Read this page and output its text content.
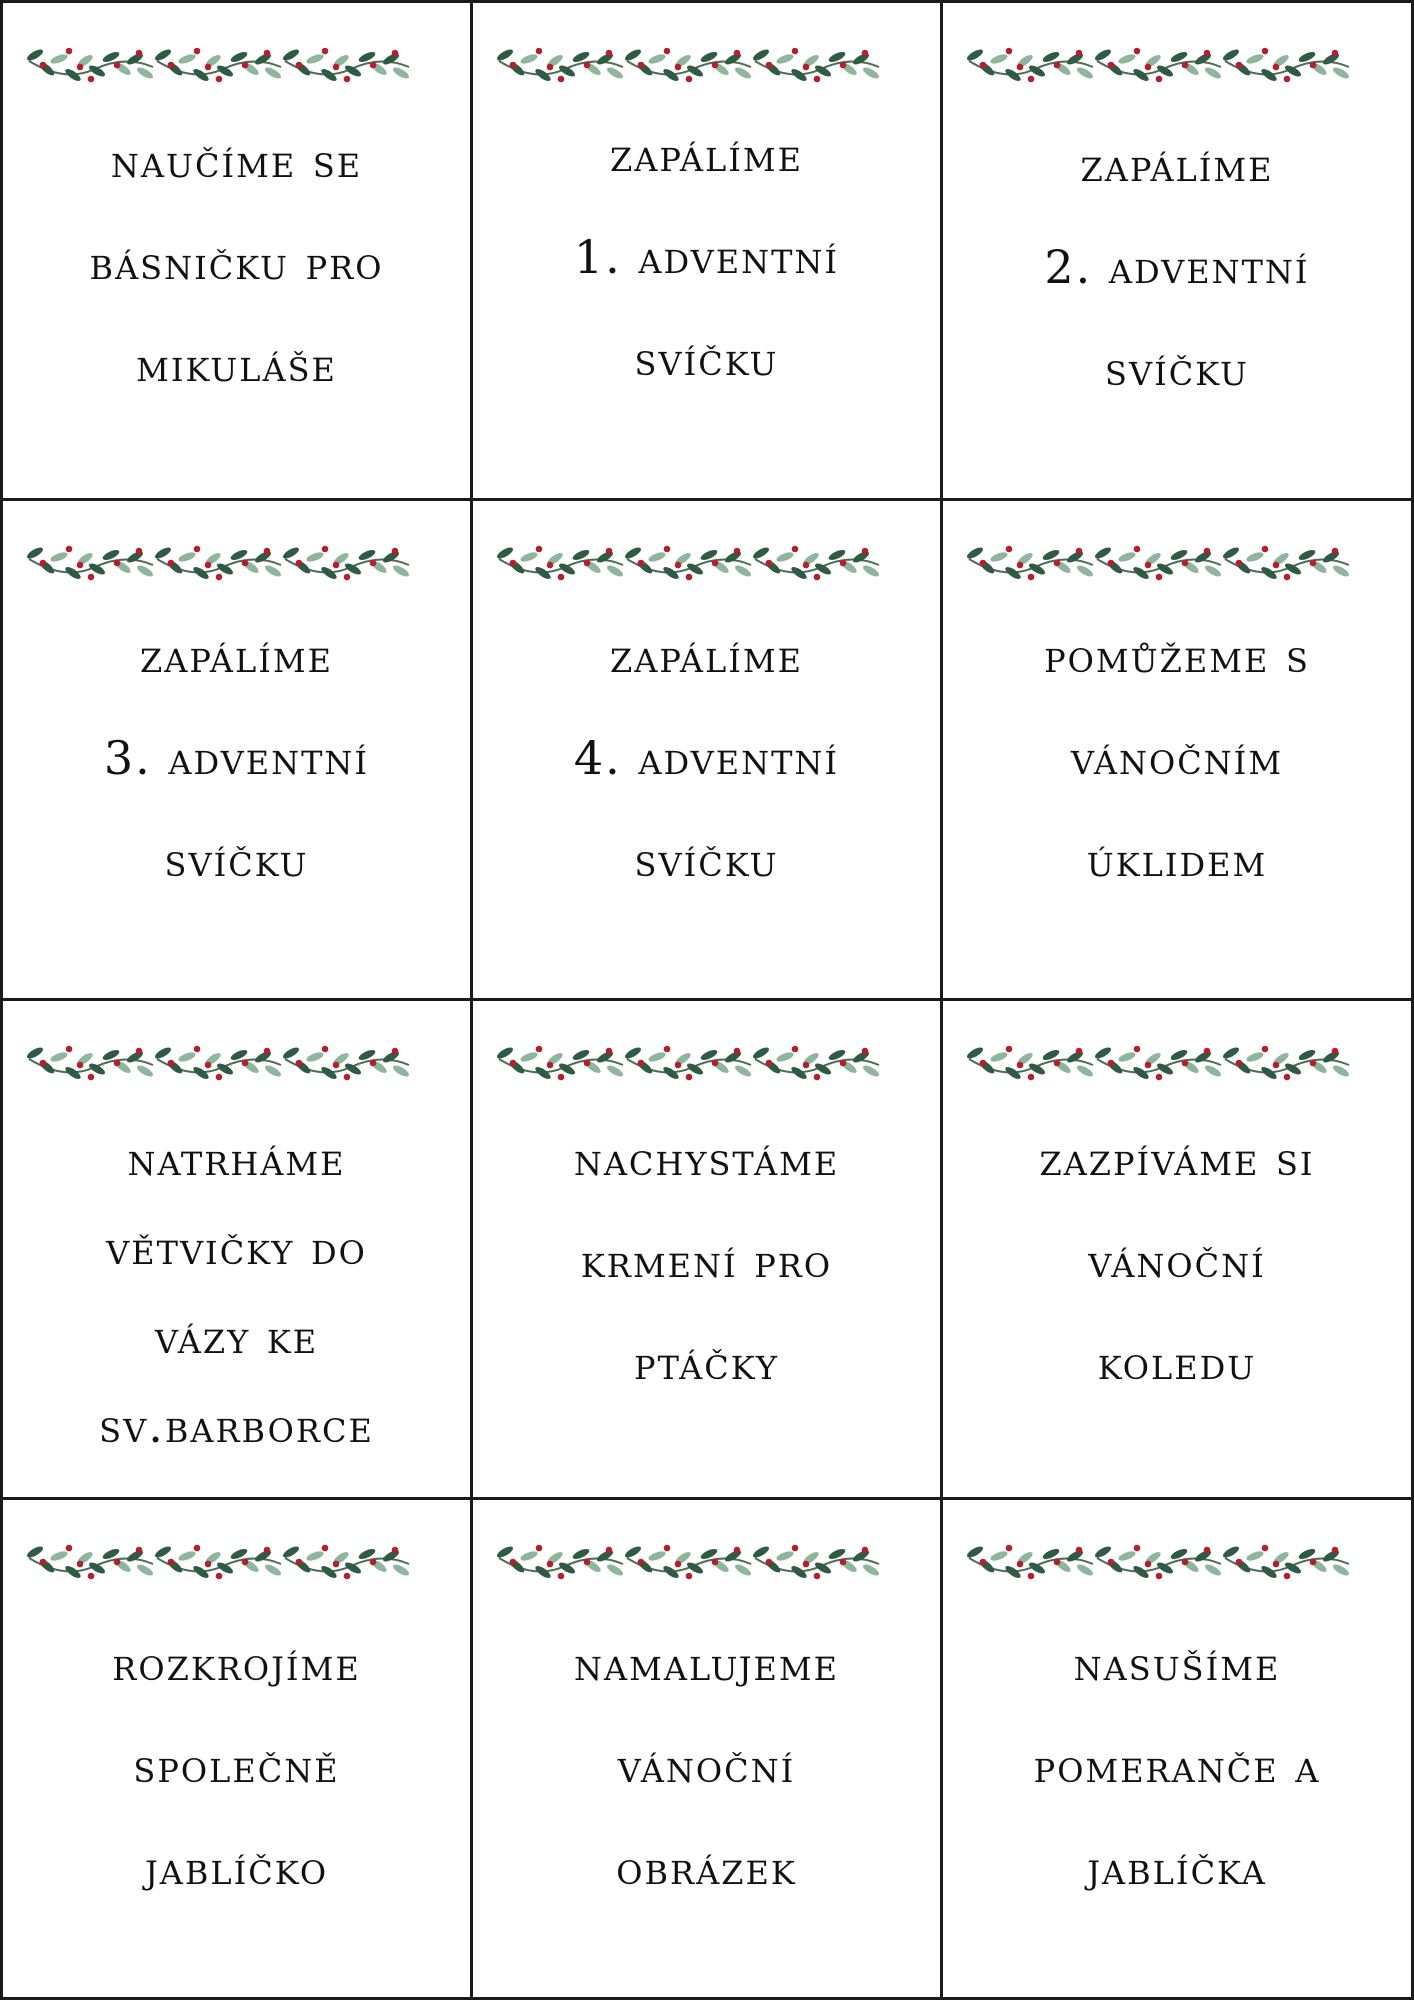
naučíme se
básničku pro
mikuláše
zapálíme
1. adventní
svíčku
zapálíme
2. adventní
svíčku
zapálíme
3. adventní
svíčku
zapálíme
4. adventní
svíčku
pomůžeme s
vánočním
úklidem
natrháme
větvičky do
vázy ke
sv.barborce
nachystáme
krmení pro
ptáčky
zazpíváme si
vánoční
koledu
rozkrojíme
společně
jablíčko
namalujeme
vánoční
obrázek
nasušíme
pomeranče a
jablíčka
